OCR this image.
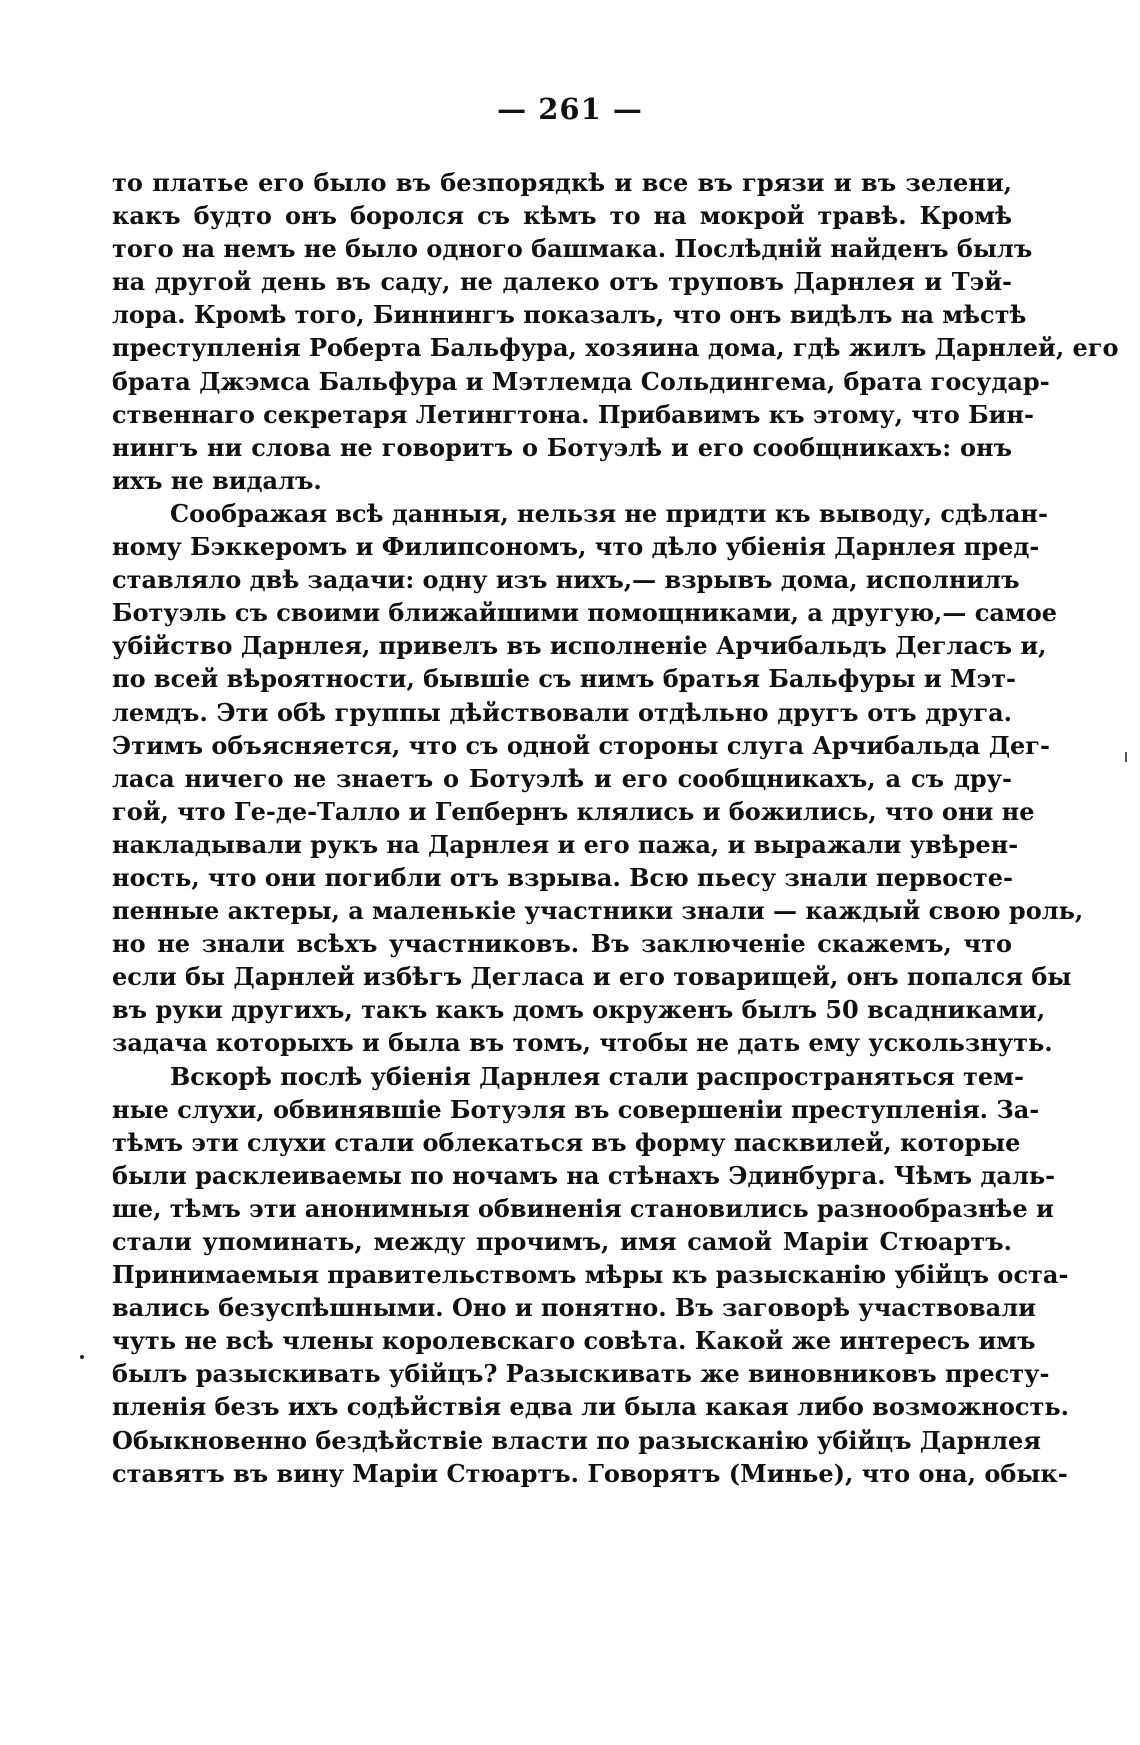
— 261 —
то платье его было въ безпорядкѣ и все въ грязи и въ зелени,
какъ будто онъ боролся съ кѣмъ то на мокрой травѣ. Кромѣ
того на немъ не было одного башмака. Послѣднiй найденъ былъ
на другой день въ саду, не далеко отъ труповъ Дарнлея и Тэй-
лора. Кромѣ того, Биннингъ показалъ, что онъ видѣлъ на мѣстѣ
преступленiя Роберта Бальфура, хозяина дома, гдѣ жилъ Дарнлей, его
брата Джэмса Бальфура и Мэтлемда Сольдингема, брата государ-
ственнаго секретаря Летингтона. Прибавимъ къ этому, что Бин-
нингъ ни слова не говоритъ о Ботуэлѣ и его сообщникахъ: онъ
ихъ не видалъ.
Соображая всѣ данныя, нельзя не придти къ выводу, сдѣлан-
ному Бэккеромъ и Филипсономъ, что дѣло убiенiя Дарнлея пред-
ставляло двѣ задачи: одну изъ нихъ,— взрывъ дома, исполнилъ
Ботуэль съ своими ближайшими помощниками, а другую,— самое
убiйство Дарнлея, привелъ въ исполненiе Арчибальдъ Дегласъ и,
по всей вѣроятности, бывшiе съ нимъ братья Бальфуры и Мэт-
лемдъ. Эти обѣ группы дѣйствовали отдѣльно другъ отъ друга.
Этимъ объясняется, что съ одной стороны слуга Арчибальда Дег-
ласа ничего не знаетъ о Ботуэлѣ и его сообщникахъ, а съ дру-
гой, что Ге-де-Талло и Гепбернъ клялись и божились, что они не
накладывали рукъ на Дарнлея и его пажа, и выражали увѣрен-
ность, что они погибли отъ взрыва. Всю пьесу знали первосте-
пенные актеры, а маленькiе участники знали — каждый свою роль,
но не знали всѣхъ участниковъ. Въ заключенiе скажемъ, что
если бы Дарнлей избѣгъ Дегласа и его товарищей, онъ попался бы
въ руки другихъ, такъ какъ домъ окруженъ былъ 50 всадниками,
задача которыхъ и была въ томъ, чтобы не дать ему ускользнуть.
Вскорѣ послѣ убiенiя Дарнлея стали распространяться тем-
ные слухи, обвинявшiе Ботуэля въ совершенiи преступленiя. За-
тѣмъ эти слухи стали облекаться въ форму пасквилей, которые
были расклеиваемы по ночамъ на стѣнахъ Эдинбурга. Чѣмъ даль-
ше, тѣмъ эти анонимныя обвиненiя становились разнообразнѣе и
стали упоминать, между прочимъ, имя самой Марiи Стюартъ.
Принимаемыя правительствомъ мѣры къ разысканiю убiйцъ оста-
вались безуспѣшными. Оно и понятно. Въ заговорѣ участвовали
чуть не всѣ члены королевскаго совѣта. Какой же интересъ имъ
былъ разыскивать убiйцъ? Разыскивать же виновниковъ престу-
пленiя безъ ихъ содѣйствiя едва ли была какая либо возможность.
Обыкновенно бездѣйствiе власти по разысканiю убiйцъ Дарнлея
ставятъ въ вину Марiи Стюартъ. Говорятъ (Минье), что она, обык-
